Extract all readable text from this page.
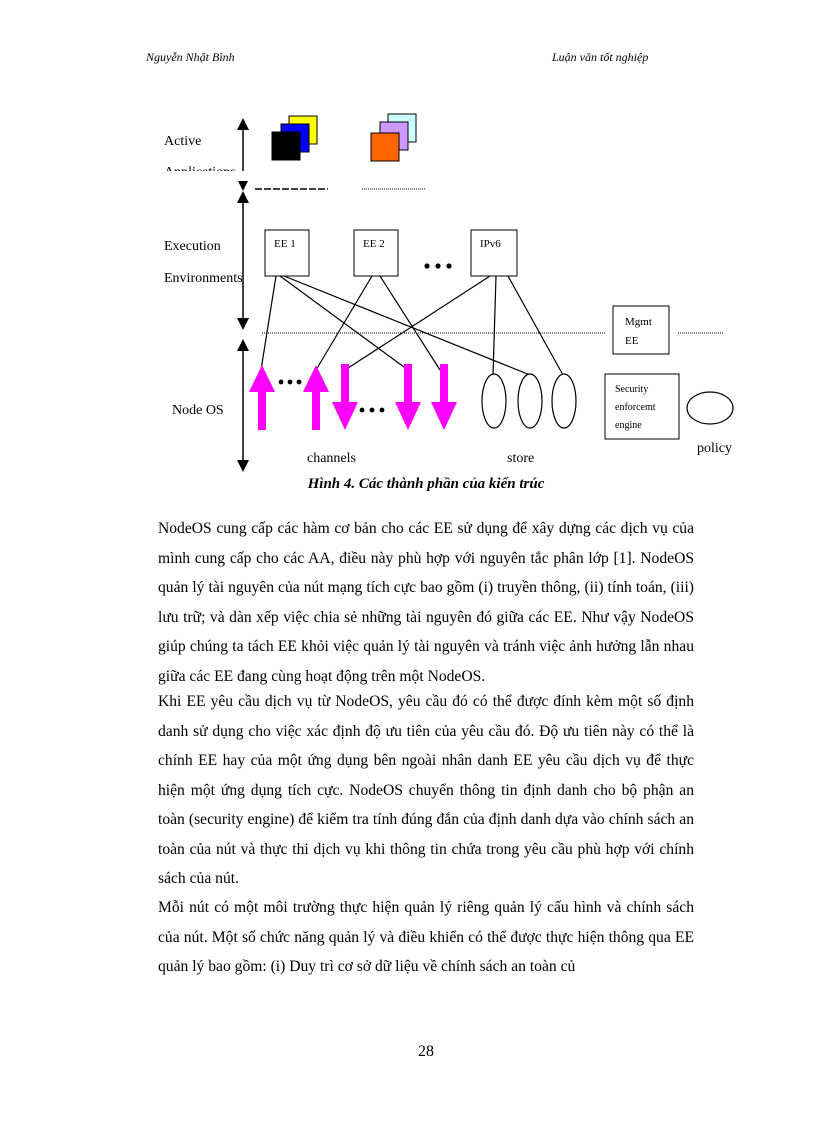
Nguyễn Nhật Bình	Luận văn tốt nghiệp
Active
Execution
Environments
Node OS
EE 1	EE 2	IPv6
Mgmt
EE
Security
enforcemt
engine
policy
channels	store
Hình 4. Các thành phần của kiến trúc
NodeOS cung cấp các hàm cơ bản cho các EE sử dụng để xây dựng các dịch vụ của mình cung cấp cho các AA, điều này phù hợp với nguyên tắc phân lớp [1]. NodeOS quản lý tài nguyên của nút mạng tích cực bao gồm (i) truyền thông, (ii) tính toán, (iii) lưu trữ; và dàn xếp việc chia sẻ những tài nguyên đó giữa các EE. Như vậy NodeOS giúp chúng ta tách EE khỏi việc quản lý tài nguyên và tránh việc ảnh hưởng lẫn nhau giữa các EE đang cùng hoạt động trên một NodeOS.
Khi EE yêu cầu dịch vụ từ NodeOS, yêu cầu đó có thể được đính kèm một số định danh sử dụng cho việc xác định độ ưu tiên của yêu cầu đó. Độ ưu tiên này có thể là chính EE hay của một ứng dụng bên ngoài nhân danh EE yêu cầu dịch vụ để thực hiện một ứng dụng tích cực. NodeOS chuyển thông tin định danh cho bộ phận an toàn (security engine) để kiểm tra tính đúng đắn của định danh dựa vào chính sách an toàn của nút và thực thi dịch vụ khi thông tin chứa trong yêu cầu phù hợp với chính sách của nút.
Mỗi nút có một môi trường thực hiện quản lý riêng quản lý cấu hình và chính sách của nút. Một số chức năng quản lý và điều khiển có thể được thực hiện thông qua EE quản lý bao gồm: (i) Duy trì cơ sở dữ liệu về chính sách an toàn củ
28
